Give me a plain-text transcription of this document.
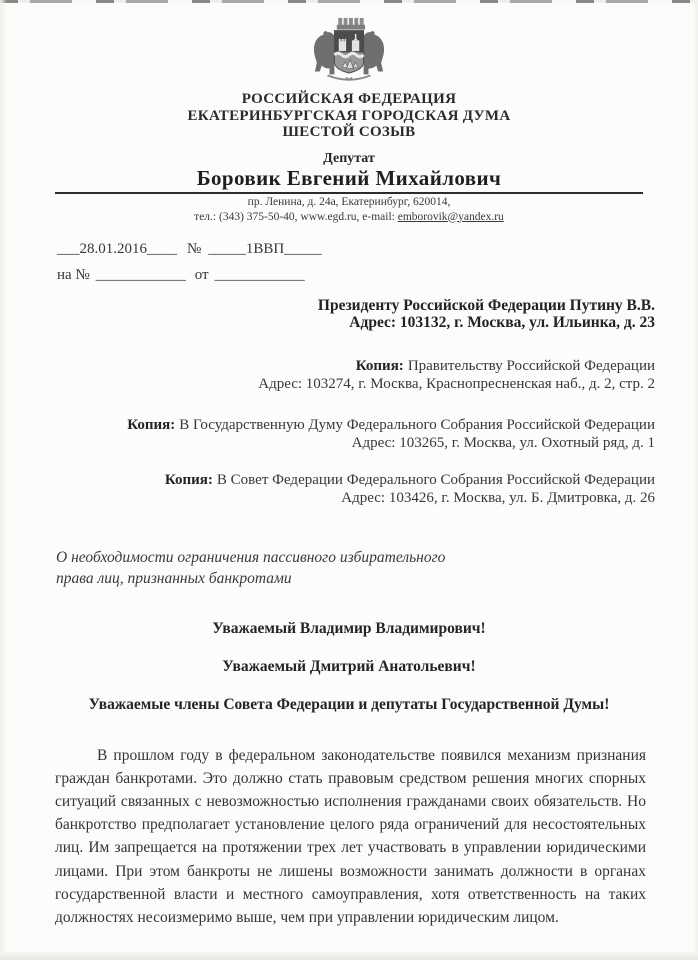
РОССИЙСКАЯ ФЕДЕРАЦИЯ
ЕКАТЕРИНБУРГСКАЯ ГОРОДСКАЯ ДУМА
ШЕСТОЙ СОЗЫВ
Депутат
Боровик Евгений Михайлович
пр. Ленина, д. 24а, Екатеринбург, 620014,
тел.: (343) 375-50-40, www.egd.ru, e-mail: emborovik@yandex.ru
___28.01.2016____ № _____1ВВП_____
на № ____________ от ____________
Президенту Российской Федерации Путину В.В.
Адрес: 103132, г. Москва, ул. Ильинка, д. 23
Копия: Правительству Российской Федерации
Адрес: 103274, г. Москва, Краснопресненская наб., д. 2, стр. 2
Копия: В Государственную Думу Федерального Собрания Российской Федерации
Адрес: 103265, г. Москва, ул. Охотный ряд, д. 1
Копия: В Совет Федерации Федерального Собрания Российской Федерации
Адрес: 103426, г. Москва, ул. Б. Дмитровка, д. 26
О необходимости ограничения пассивного избирательного права лиц, признанных банкротами
Уважаемый Владимир Владимирович!
Уважаемый Дмитрий Анатольевич!
Уважаемые члены Совета Федерации и депутаты Государственной Думы!
В прошлом году в федеральном законодательстве появился механизм признания граждан банкротами. Это должно стать правовым средством решения многих спорных ситуаций связанных с невозможностью исполнения гражданами своих обязательств. Но банкротство предполагает установление целого ряда ограничений для несостоятельных лиц. Им запрещается на протяжении трех лет участвовать в управлении юридическими лицами. При этом банкроты не лишены возможности занимать должности в органах государственной власти и местного самоуправления, хотя ответственность на таких должностях несоизмеримо выше, чем при управлении юридическим лицом.
